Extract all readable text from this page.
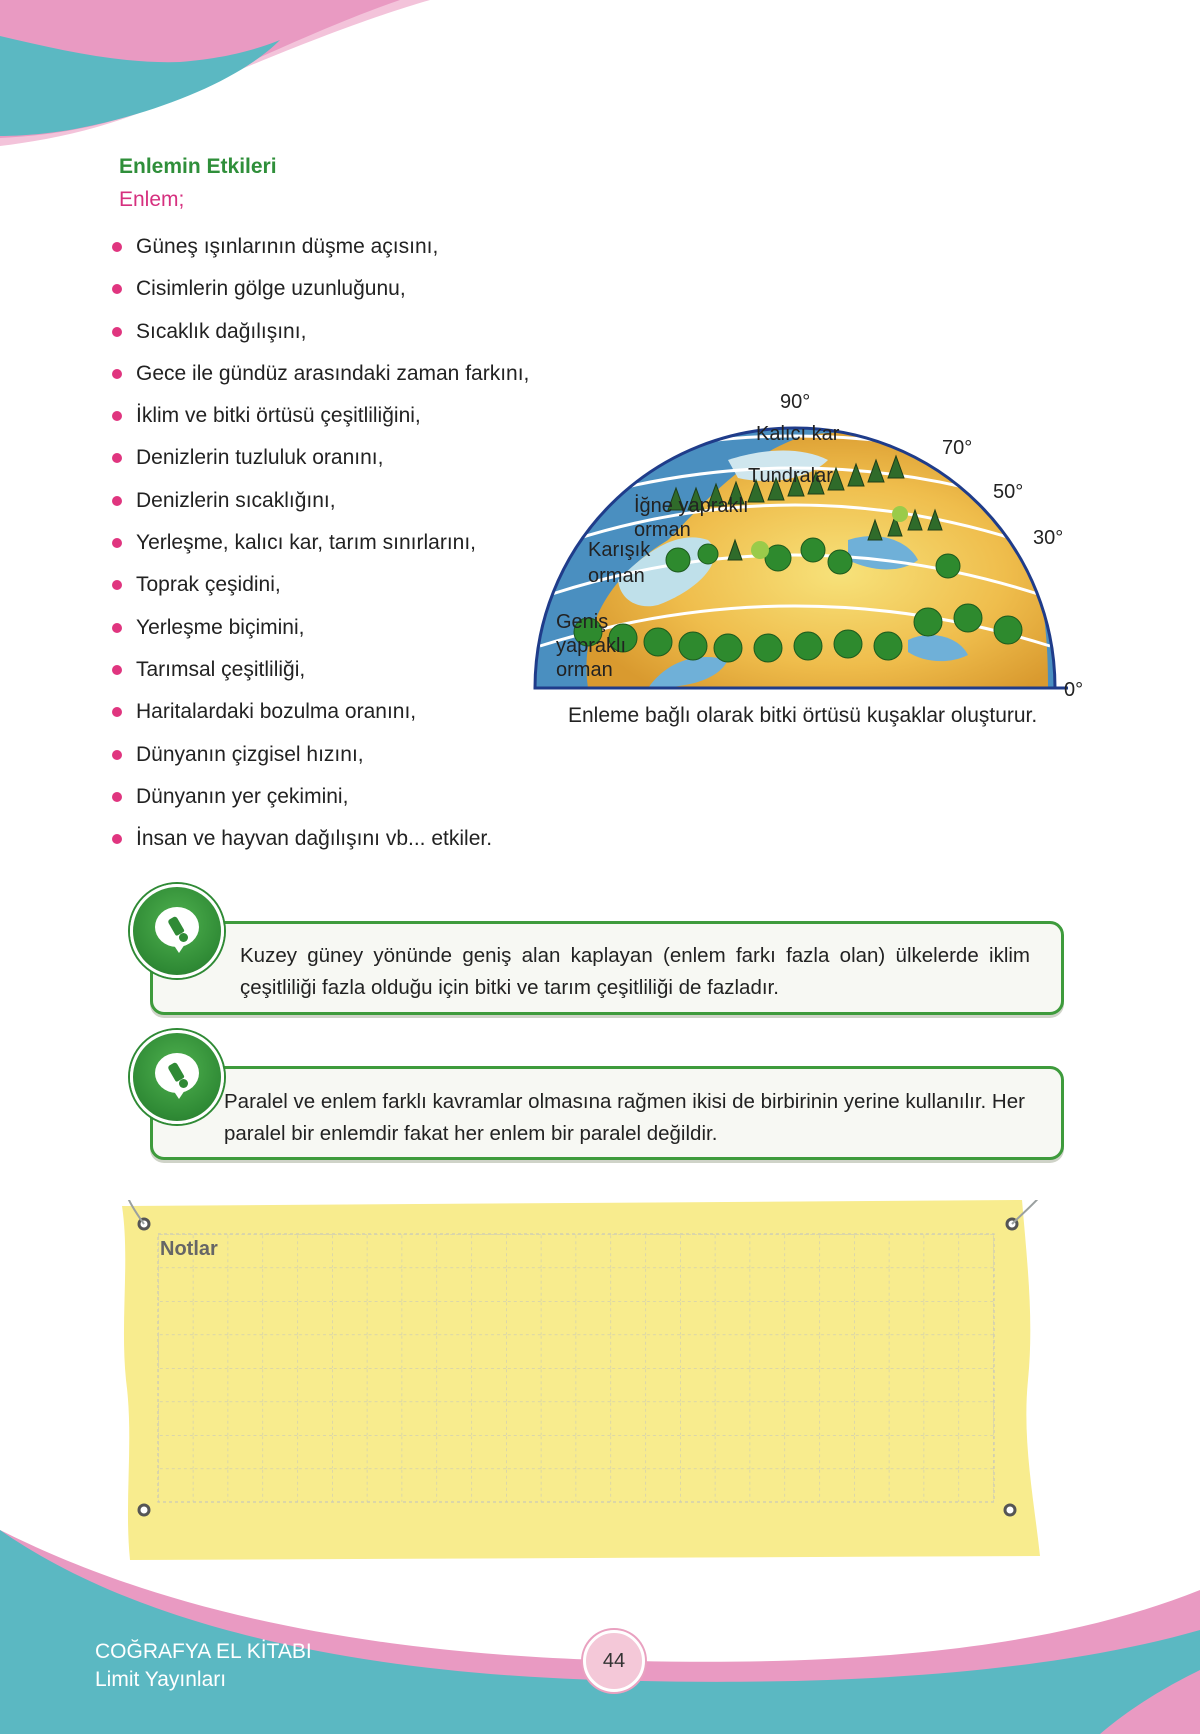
Enlemin Etkileri
Enlem;
Güneş ışınlarının düşme açısını,
Cisimlerin gölge uzunluğunu,
Sıcaklık dağılışını,
Gece ile gündüz arasındaki zaman farkını,
İklim ve bitki örtüsü çeşitliliğini,
Denizlerin tuzluluk oranını,
Denizlerin sıcaklığını,
Yerleşme, kalıcı kar, tarım sınırlarını,
Toprak çeşidini,
Yerleşme biçimini,
Tarımsal çeşitliliği,
Haritalardaki bozulma oranını,
Dünyanın çizgisel hızını,
Dünyanın yer çekimini,
İnsan ve hayvan dağılışını vb... etkiler.
90°
Kalıcı kar
70°
Tundralar
50°
İğne yapraklı
orman	30°
Karışık
orman
Geniş
yapraklı
orman
0°
Enleme bağlı olarak bitki örtüsü kuşaklar oluşturur.
Kuzey güney yönünde geniş alan kaplayan (enlem farkı fazla olan) ülkelerde iklim çeşitliliği fazla olduğu için bitki ve tarım çeşitliliği de fazladır.
Paralel ve enlem farklı kavramlar olmasına rağmen ikisi de birbirinin yerine kullanılır. Her paralel bir enlemdir fakat her enlem bir paralel değildir.
Notlar
COĞRAFYA EL KİTABI
Limit Yayınları
44
